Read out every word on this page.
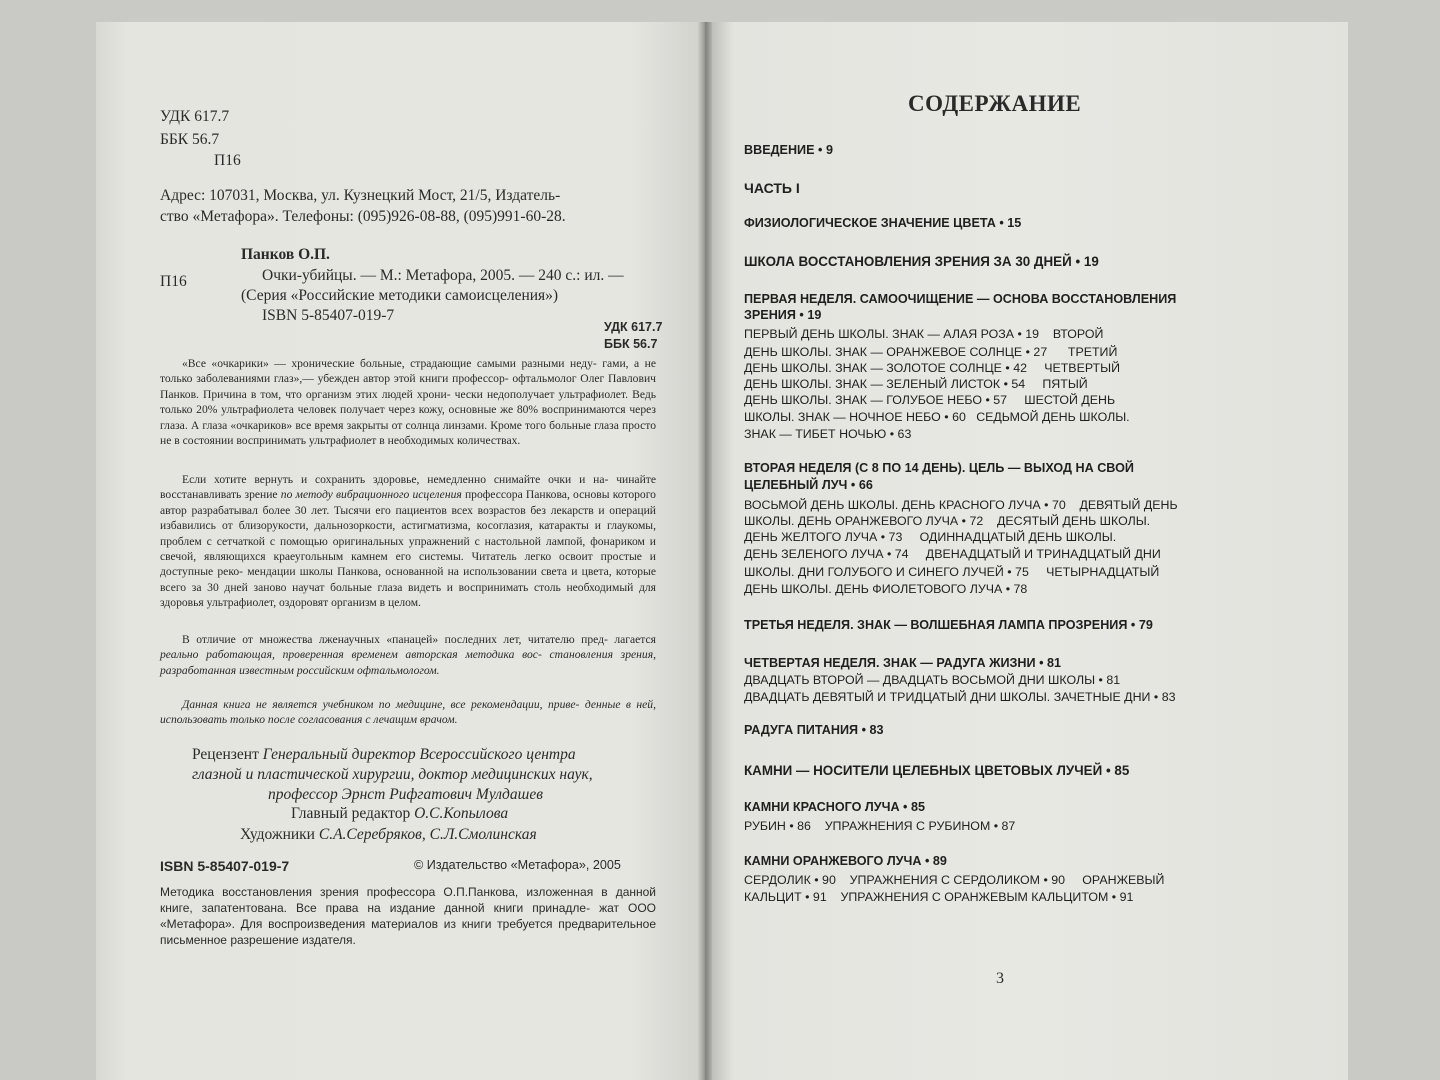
УДК 617.7
ББК 56.7
П16
Адрес: 107031, Москва, ул. Кузнецкий Мост, 21/5, Издатель-
ство «Метафора». Телефоны: (095)926-08-88, (095)991-60-28.
Панков О.П.
П16	Очки-убийцы. — М.: Метафора, 2005. — 240 с.: ил. —
(Серия «Российские методики самоисцеления»)
ISBN 5-85407-019-7
УДК 617.7
ББК 56.7

«Все «очкарики» — хронические больные, страдающие самыми разными неду- гами, а не только заболеваниями глаз»,— убежден автор этой книги профессор- офтальмолог Олег Павлович Панков. Причина в том, что организм этих людей хрони- чески недополучает ультрафиолет. Ведь только 20% ультрафиолета человек получает через кожу, основные же 80% воспринимаются через глаза. А глаза «очкариков» все время закрыты от солнца линзами. Кроме того больные глаза просто не в состоянии воспринимать ультрафиолет в необходимых количествах.

Если хотите вернуть и сохранить здоровье, немедленно снимайте очки и на- чинайте восстанавливать зрение по методу вибрационного исцеления профессора Панкова, основы которого автор разрабатывал более 30 лет. Тысячи его пациентов всех возрастов без лекарств и операций избавились от близорукости, дальнозоркости, астигматизма, косоглазия, катаракты и глаукомы, проблем с сетчаткой с помощью оригинальных упражнений с настольной лампой, фонариком и свечой, являющихся краеугольным камнем его системы. Читатель легко освоит простые и доступные реко- мендации школы Панкова, основанной на использовании света и цвета, которые всего за 30 дней заново научат больные глаза видеть и воспринимать столь необходимый для здоровья ультрафиолет, оздоровят организм в целом.

В отличие от множества лженаучных «панацей» последних лет, читателю пред- лагается реально работающая, проверенная временем авторская методика вос- становления зрения, разработанная известным российским офтальмологом.

Данная книга не является учебником по медицине, все рекомендации, приве- денные в ней, использовать только после согласования с лечащим врачом.

Рецензент Генеральный директор Всероссийского центра
глазной и пластической хирургии, доктор медицинских наук,
профессор Эрнст Рифгатович Мулдашев
Главный редактор О.С.Копылова
Художники С.А.Серебряков, С.Л.Смолинская
ISBN 5-85407-019-7	© Издательство «Метафора», 2005

Методика восстановления зрения профессора О.П.Панкова, изложенная в данной книге, запатентована. Все права на издание данной книги принадле- жат ООО «Метафора». Для воспроизведения материалов из книги требуется предварительное письменное разрешение издателя.

СОДЕРЖАНИЕ
ВВЕДЕНИЕ • 9
ЧАСТЬ I
ФИЗИОЛОГИЧЕСКОЕ ЗНАЧЕНИЕ ЦВЕТА • 15
ШКОЛА ВОССТАНОВЛЕНИЯ ЗРЕНИЯ ЗА 30 ДНЕЙ • 19
ПЕРВАЯ НЕДЕЛЯ. САМООЧИЩЕНИЕ — ОСНОВА ВОССТАНОВЛЕНИЯ
ЗРЕНИЯ • 19
ПЕРВЫЙ ДЕНЬ ШКОЛЫ. ЗНАК — АЛАЯ РОЗА • 19 ВТОРОЙ
ДЕНЬ ШКОЛЫ. ЗНАК — ОРАНЖЕВОЕ СОЛНЦЕ • 27 ТРЕТИЙ
ДЕНЬ ШКОЛЫ. ЗНАК — ЗОЛОТОЕ СОЛНЦЕ • 42 ЧЕТВЕРТЫЙ
ДЕНЬ ШКОЛЫ. ЗНАК — ЗЕЛЕНЫЙ ЛИСТОК • 54 ПЯТЫЙ
ДЕНЬ ШКОЛЫ. ЗНАК — ГОЛУБОЕ НЕБО • 57 ШЕСТОЙ ДЕНЬ
ШКОЛЫ. ЗНАК — НОЧНОЕ НЕБО • 60 СЕДЬМОЙ ДЕНЬ ШКОЛЫ.
ЗНАК — ТИБЕТ НОЧЬЮ • 63
ВТОРАЯ НЕДЕЛЯ (С 8 ПО 14 ДЕНЬ). ЦЕЛЬ — ВЫХОД НА СВОЙ
ЦЕЛЕБНЫЙ ЛУЧ • 66
ВОСЬМОЙ ДЕНЬ ШКОЛЫ. ДЕНЬ КРАСНОГО ЛУЧА • 70 ДЕВЯТЫЙ ДЕНЬ
ШКОЛЫ. ДЕНЬ ОРАНЖЕВОГО ЛУЧА • 72 ДЕСЯТЫЙ ДЕНЬ ШКОЛЫ.
ДЕНЬ ЖЕЛТОГО ЛУЧА • 73 ОДИННАДЦАТЫЙ ДЕНЬ ШКОЛЫ.
ДЕНЬ ЗЕЛЕНОГО ЛУЧА • 74 ДВЕНАДЦАТЫЙ И ТРИНАДЦАТЫЙ ДНИ
ШКОЛЫ. ДНИ ГОЛУБОГО И СИНЕГО ЛУЧЕЙ • 75 ЧЕТЫРНАДЦАТЫЙ
ДЕНЬ ШКОЛЫ. ДЕНЬ ФИОЛЕТОВОГО ЛУЧА • 78
ТРЕТЬЯ НЕДЕЛЯ. ЗНАК — ВОЛШЕБНАЯ ЛАМПА ПРОЗРЕНИЯ • 79
ЧЕТВЕРТАЯ НЕДЕЛЯ. ЗНАК — РАДУГА ЖИЗНИ • 81
ДВАДЦАТЬ ВТОРОЙ — ДВАДЦАТЬ ВОСЬМОЙ ДНИ ШКОЛЫ • 81
ДВАДЦАТЬ ДЕВЯТЫЙ И ТРИДЦАТЫЙ ДНИ ШКОЛЫ. ЗАЧЕТНЫЕ ДНИ • 83
РАДУГА ПИТАНИЯ • 83
КАМНИ — НОСИТЕЛИ ЦЕЛЕБНЫХ ЦВЕТОВЫХ ЛУЧЕЙ • 85
КАМНИ КРАСНОГО ЛУЧА • 85
РУБИН • 86 УПРАЖНЕНИЯ С РУБИНОМ • 87
КАМНИ ОРАНЖЕВОГО ЛУЧА • 89
СЕРДОЛИК • 90 УПРАЖНЕНИЯ С СЕРДОЛИКОМ • 90 ОРАНЖЕВЫЙ
КАЛЬЦИТ • 91 УПРАЖНЕНИЯ С ОРАНЖЕВЫМ КАЛЬЦИТОМ • 91
3
